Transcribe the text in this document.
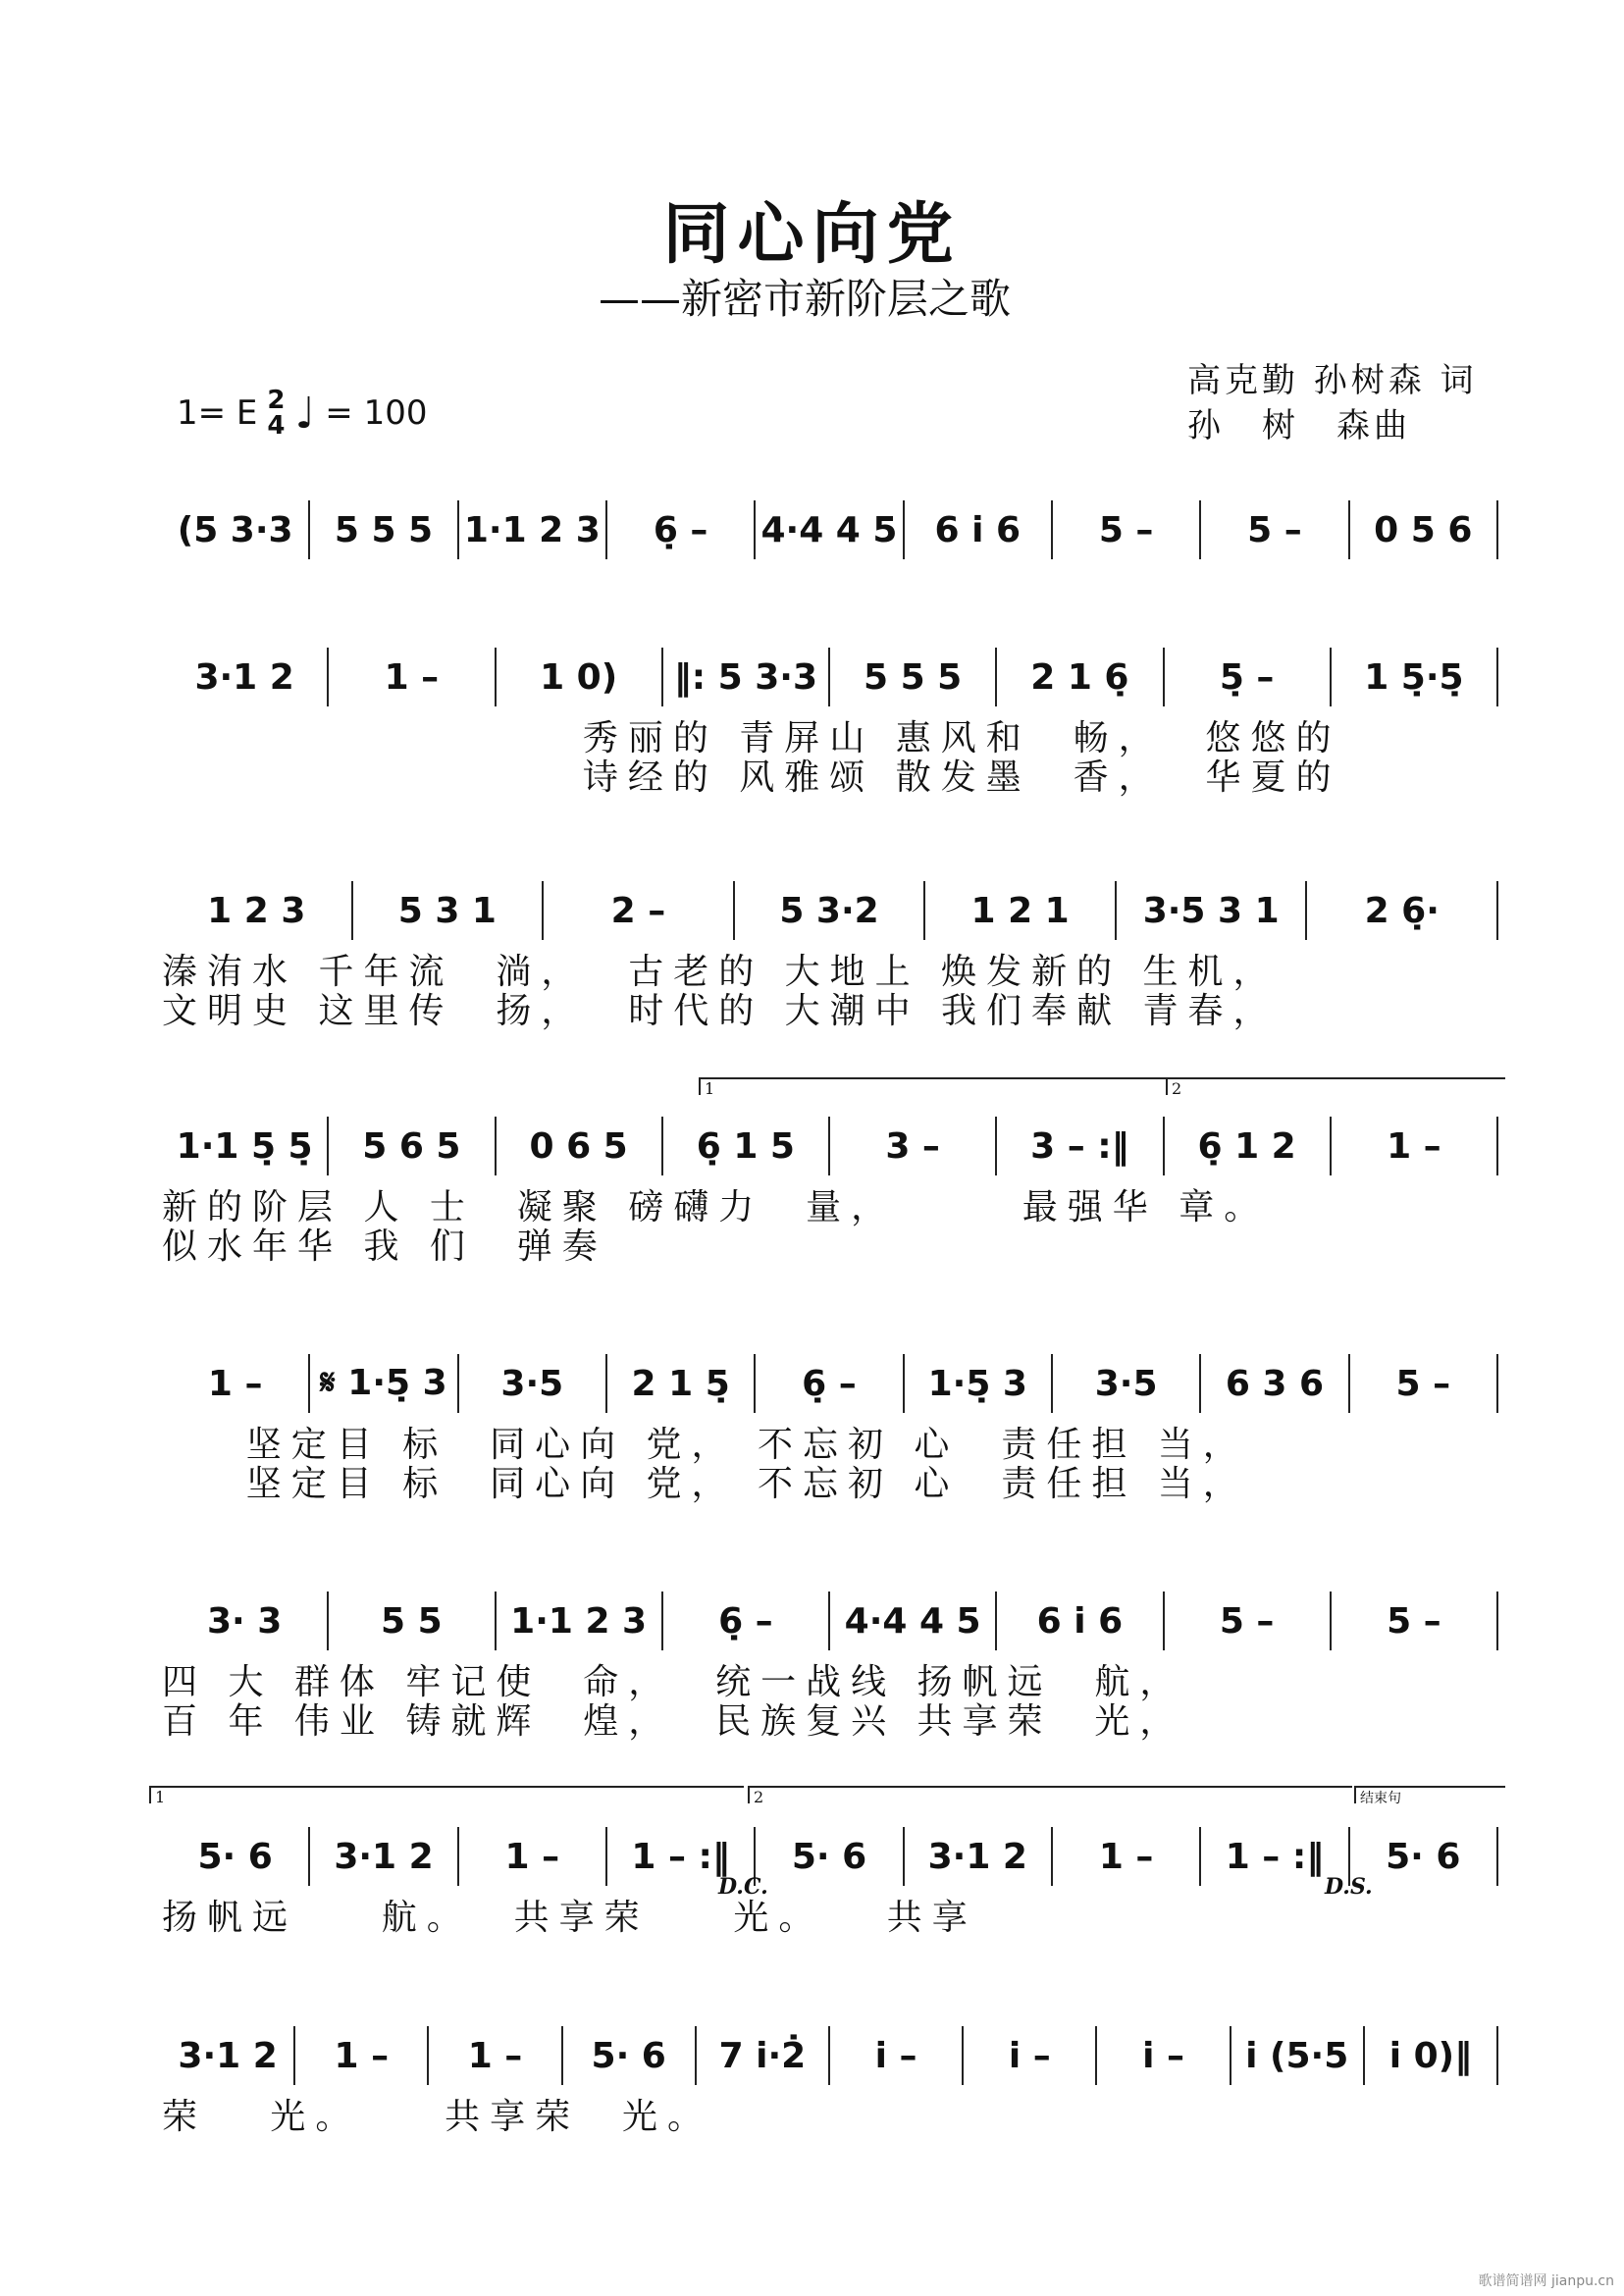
同心向党
——新密市新阶层之歌
1= E 2
4 ♩ = 100
高克勤 孙树森 词
孙　树　森曲
(5 3·3	5 5 5 1·1 2 3	6̣ –	4·4 4 5	6 i̇ 6	5 –	5 –	0 5 6
3·1 2	1 –	1 0)	‖: 5 3·3	5 5 5	2 1 6̣	5̣ –	1 5̣·5̣
秀丽的 青屏山 惠风和  畅，  悠悠的
诗经的 风雅颂 散发墨  香，  华夏的
1 2 3	5 3 1	2 –	5 3·2	1 2 1	3·5 3 1	2 6̣·
溱洧水 千年流  淌，  古老的 大地上 焕发新的 生机，
文明史 这里传  扬，  时代的 大潮中 我们奉献 青春，
1·1 5̣ 5̣	5 6 5	0 6 5	6̣ 1 5	3 –	3 – :‖	6̣ 1 2	1 –
新的阶层 人 士  凝聚 磅礴力  量，      最强华 章。
似水年华 我 们  弹奏
1 –	𝄋 1·5̣ 3	3·5	2 1 5̣	6̣ –	1·5̣ 3	3·5	6 3 6	5 –
坚定目 标  同心向 党， 不忘初 心  责任担 当，
坚定目 标  同心向 党， 不忘初 心  责任担 当，
3· 3	5 5	1·1 2 3	6̣ –	4·4 4 5	6 i̇ 6	5 –	5 –
四 大 群体 牢记使  命，  统一战线 扬帆远  航，
百 年 伟业 铸就辉  煌，  民族复兴 共享荣  光，
5· 6	3·1 2	1 –	1 – :‖	5· 6	3·1 2	1 –	1 – :‖	5· 6
扬帆远    航。  共享荣    光。   共享
3·1 2	1 –	1 –	5· 6	7 i̇·2̇	i̇ –	i̇ –	i̇ –	i̇ (5·5	i̇ 0)‖
荣   光。    共享荣  光。
1	2
1	2	结束句
D.C.	D.S.
歌谱简谱网 jianpu.cn
